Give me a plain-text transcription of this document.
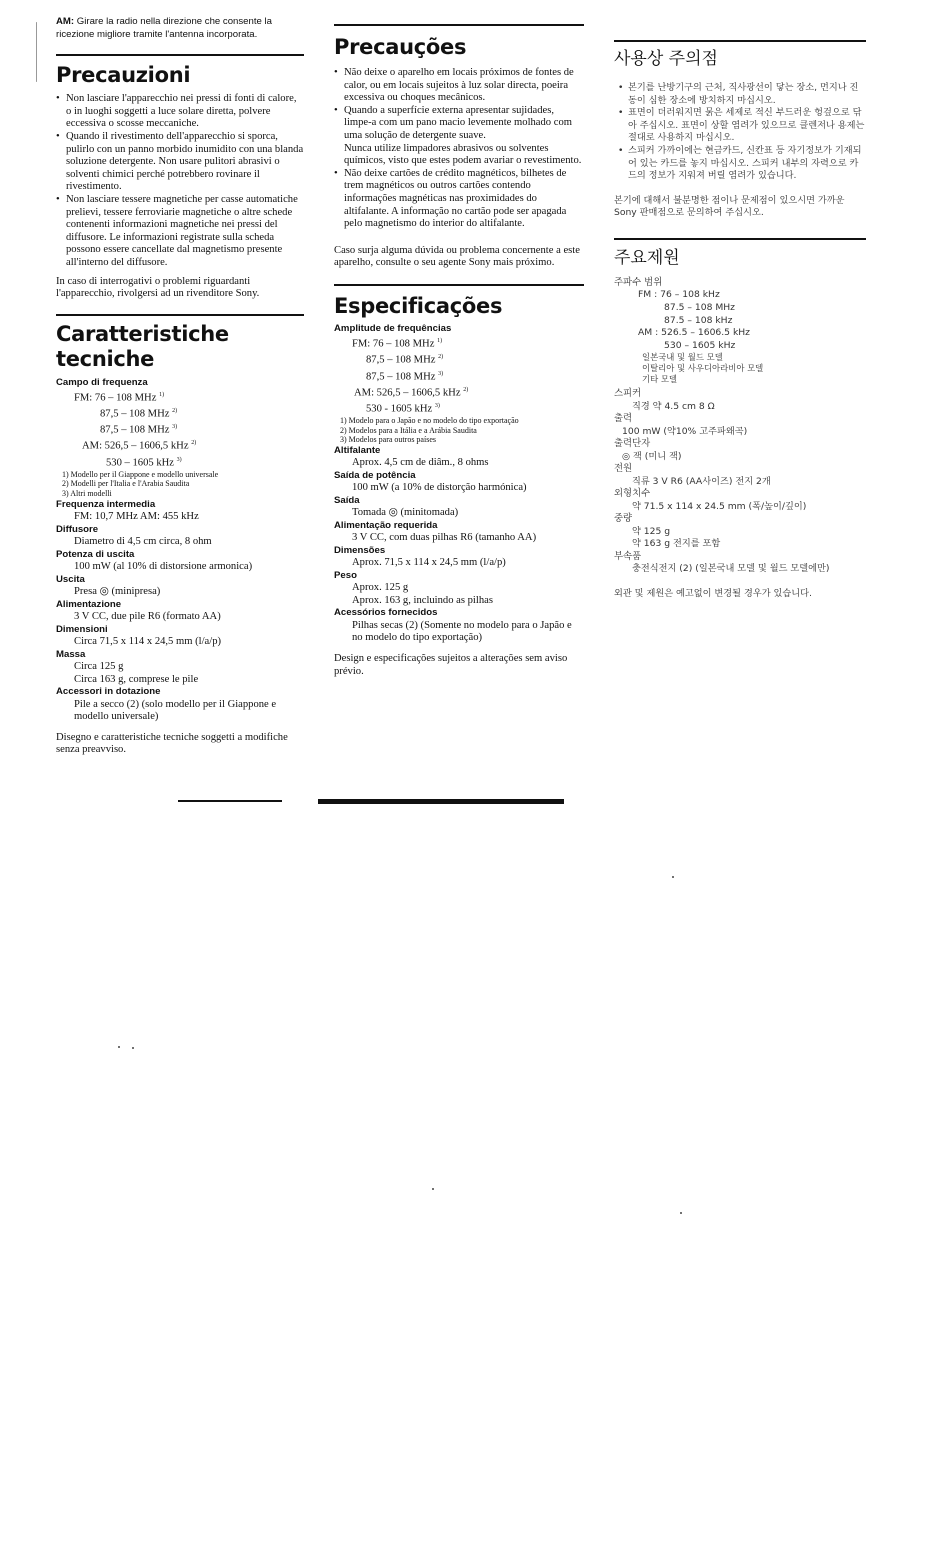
AM: Girare la radio nella direzione che consente la ricezione migliore tramite l'antenna incorporata.

Precauzioni
• Non lasciare l'apparecchio nei pressi di fonti di calore, o in luoghi soggetti a luce solare diretta, polvere eccessiva o scosse meccaniche.
• Quando il rivestimento dell'apparecchio si sporca, pulirlo con un panno morbido inumidito con una blanda soluzione detergente. Non usare pulitori abrasivi o solventi chimici perché potrebbero rovinare il rivestimento.
• Non lasciare tessere magnetiche per casse automatiche prelievi, tessere ferroviarie magnetiche o altre schede contenenti informazioni magnetiche nei pressi del diffusore. Le informazioni registrate sulla scheda possono essere cancellate dal magnetismo presente all'interno del diffusore.

In caso di interrogativi o problemi riguardanti l'apparecchio, rivolgersi ad un rivenditore Sony.

Caratteristiche
tecniche

Campo di frequenza

FM: 76 – 108 MHz $^{1)}$

87,5 – 108 MHz $^{2)}$

87,5 – 108 MHz $^{3)}$

AM: 526,5 – 1606,5 kHz $^{2)}$

530 – 1605 kHz $^{3)}$

1) Modello per il Giappone e modello universale

2) Modelli per l'Italia e l'Arabia Saudita

3) Altri modelli

Frequenza intermedia

FM: 10,7 MHz AM: 455 kHz

Diffusore

Diametro di 4,5 cm circa, 8 ohm

Potenza di uscita

100 mW (al 10% di distorsione armonica)

Uscita

Presa ◎ (minipresa)

Alimentazione

3 V CC, due pile R6 (formato AA)

Dimensioni

Circa 71,5 x 114 x 24,5 mm (l/a/p)

Massa

Circa 125 g

Circa 163 g, comprese le pile

Accessori in dotazione

Pile a secco (2) (solo modello per il Giappone e modello universale)

Disegno e caratteristiche tecniche soggetti a modifiche senza preavviso.

Precauções
• Não deixe o aparelho em locais próximos de fontes de calor, ou em locais sujeitos à luz solar directa, poeira excessiva ou choques mecânicos.
• Quando a superfície externa apresentar sujidades, limpe-a com um pano macio levemente molhado com uma solução de detergente suave.

Nunca utilize limpadores abrasivos ou solventes químicos, visto que estes podem avariar o revestimento.

• Não deixe cartões de crédito magnéticos, bilhetes de trem magnéticos ou outros cartões contendo informações magnéticas nas proximidades do altifalante. A informação no cartão pode ser apagada pelo magnetismo do interior do altifalante.

Caso surja alguma dúvida ou problema concernente a este aparelho, consulte o seu agente Sony mais próximo.

Especificações

Amplitude de frequências

FM: 76 – 108 MHz $^{1)}$

87,5 – 108 MHz $^{2)}$

87,5 – 108 MHz $^{3)}$

AM: 526,5 – 1606,5 kHz $^{2)}$

530 - 1605 kHz $^{3)}$

1) Modelo para o Japão e no modelo do tipo exportação

2) Modelos para a Itália e a Arábia Saudita

3) Modelos para outros países

Altifalante

Aprox. 4,5 cm de diâm., 8 ohms

Saída de potência

100 mW (a 10% de distorção harmónica)

Saída

Tomada ◎ (minitomada)

Alimentação requerida

3 V CC, com duas pilhas R6 (tamanho AA)

Dimensões

Aprox. 71,5 x 114 x 24,5 mm (l/a/p)

Peso

Aprox. 125 g

Aprox. 163 g, incluindo as pilhas

Acessórios fornecidos

Pilhas secas (2) (Somente no modelo para o Japão e no modelo do tipo exportação)

Design e especificações sujeitos a alterações sem aviso prévio.

사용상 주의점
• 본기를 난방기구의 근처, 직사광선이 닿는 장소, 먼지나 진동이 심한 장소에 방치하지 마십시오.
• 표면이 더러워지면 묽은 세제로 적신 부드러운 헝겊으로 닦아 주십시오. 표면이 상할 염려가 있으므로 클렌저나 용제는 절대로 사용하지 마십시오.
• 스피커 가까이에는 현금카드, 신칸표 등 자기정보가 기재되어 있는 카드를 놓지 마십시오. 스피커 내부의 자력으로 카드의 정보가 지워져 버릴 염려가 있습니다.

본기에 대해서 불분명한 점이나 문제점이 있으시면 가까운 Sony 판매점으로 문의하여 주십시오.

주요제원

주파수 범위

FM : 76 – 108 kHz

87.5 – 108 MHz

87.5 – 108 kHz

AM : 526.5 – 1606.5 kHz

530 – 1605 kHz

일본국내 및 월드 모델

이탈리아 및 사우디아라비아 모델

기타 모델

스피커

직경 약 4.5 cm 8 Ω

출력

100 mW (약10% 고주파왜곡)

출력단자

◎ 잭 (미니 잭)

전원

직류 3 V R6 (AA사이즈) 전지 2개

외형치수

약 71.5 x 114 x 24.5 mm (폭/높이/깊이)

중량

약 125 g

약 163 g 전지를 포함

부속품

충전식전지 (2) (일본국내 모델 및 월드 모델에만)

외관 및 제원은 예고없이 변경될 경우가 있습니다.
